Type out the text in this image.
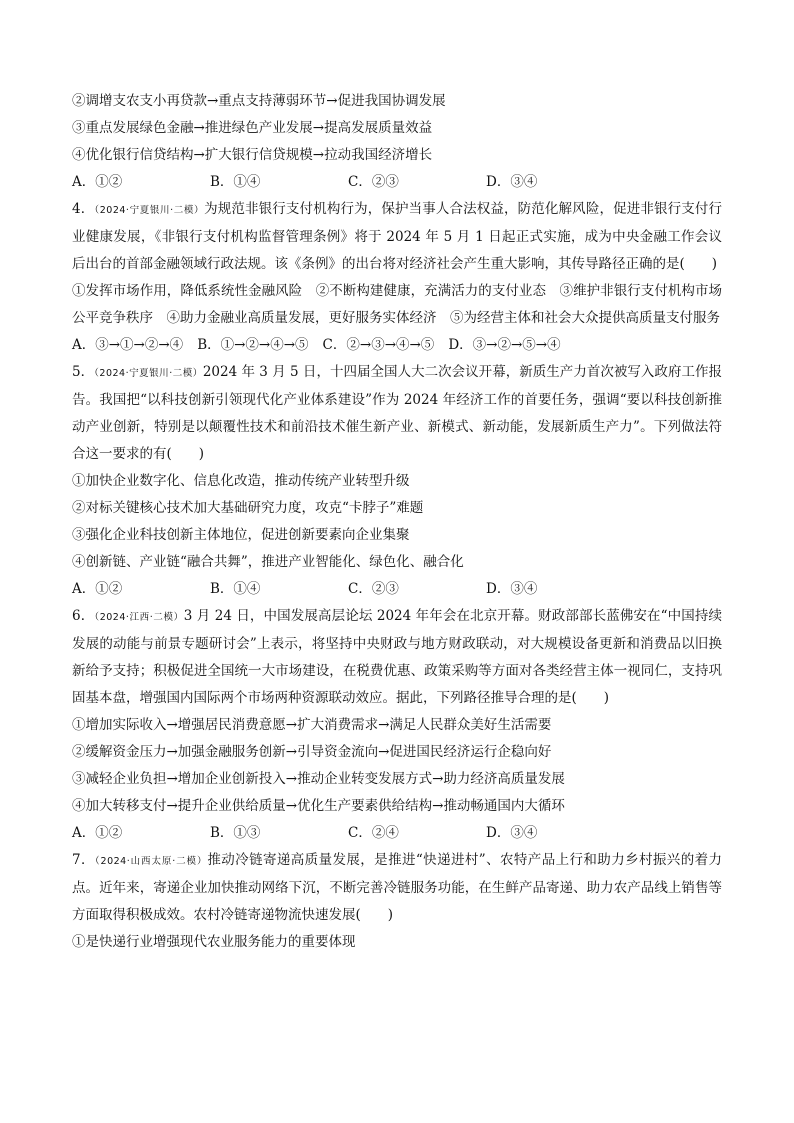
②调增支农支小再贷款→重点支持薄弱环节→促进我国协调发展
③重点发展绿色金融→推进绿色产业发展→提高发展质量效益
④优化银行信贷结构→扩大银行信贷规模→拉动我国经济增长
A．①②	B．①④	C．②③	D．③④
4．（2024·宁夏银川·二模）为规范非银行支付机构行为，保护当事人合法权益，防范化解风险，促进非银行支付行业健康发展，《非银行支付机构监督管理条例》将于 2024 年 5 月 1 日起正式实施，成为中央金融工作会议后出台的首部金融领域行政法规。该《条例》的出台将对经济社会产生重大影响，其传导路径正确的是(　　)
①发挥市场作用，降低系统性金融风险　②不断构建健康，充满活力的支付业态　③维护非银行支付机构市场公平竞争秩序　④助力金融业高质量发展，更好服务实体经济　⑤为经营主体和社会大众提供高质量支付服务
A．③→①→②→④ B．①→②→④→⑤ C．②→③→④→⑤ D．③→②→⑤→④
5．（2024·宁夏银川·二模）2024 年 3 月 5 日，十四届全国人大二次会议开幕，新质生产力首次被写入政府工作报告。我国把“以科技创新引领现代化产业体系建设”作为 2024 年经济工作的首要任务，强调“要以科技创新推动产业创新，特别是以颠覆性技术和前沿技术催生新产业、新模式、新动能，发展新质生产力”。下列做法符合这一要求的有(　　)
①加快企业数字化、信息化改造，推动传统产业转型升级
②对标关键核心技术加大基础研究力度，攻克“卡脖子”难题
③强化企业科技创新主体地位，促进创新要素向企业集聚
④创新链、产业链“融合共舞”，推进产业智能化、绿色化、融合化
A．①②	B．①④	C．②③	D．③④
6．（2024·江西·二模）3 月 24 日，中国发展高层论坛 2024 年年会在北京开幕。财政部部长蓝佛安在“中国持续发展的动能与前景专题研讨会”上表示，将坚持中央财政与地方财政联动，对大规模设备更新和消费品以旧换新给予支持；积极促进全国统一大市场建设，在税费优惠、政策采购等方面对各类经营主体一视同仁，支持巩固基本盘，增强国内国际两个市场两种资源联动效应。据此，下列路径推导合理的是(　　)
①增加实际收入→增强居民消费意愿→扩大消费需求→满足人民群众美好生活需要
②缓解资金压力→加强金融服务创新→引导资金流向→促进国民经济运行企稳向好
③减轻企业负担→增加企业创新投入→推动企业转变发展方式→助力经济高质量发展
④加大转移支付→提升企业供给质量→优化生产要素供给结构→推动畅通国内大循环
A．①②	B．①③	C．②④	D．③④
7．（2024·山西太原·二模）推动冷链寄递高质量发展，是推进“快递进村”、农特产品上行和助力乡村振兴的着力点。近年来，寄递企业加快推动网络下沉，不断完善冷链服务功能，在生鲜产品寄递、助力农产品线上销售等方面取得积极成效。农村冷链寄递物流快速发展(　　)
①是快递行业增强现代农业服务能力的重要体现
